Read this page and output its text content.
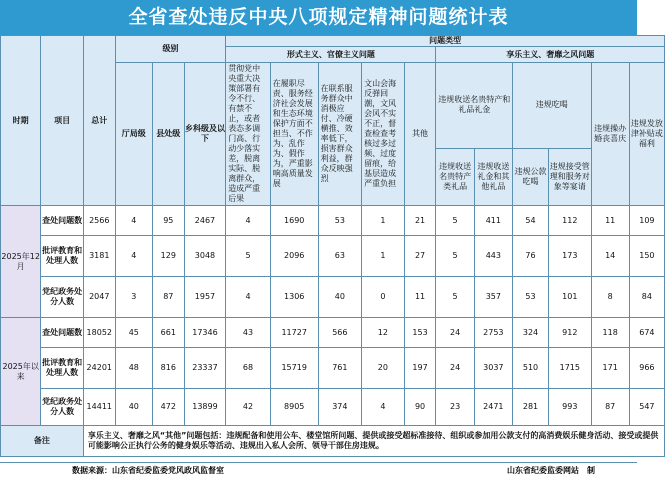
全省查处违反中央八项规定精神问题统计表
时期	项目	总计	级别			问题类型										
						形式主义、官僚主义问题					享乐主义、奢靡之风问题					
			厅局级	县处级	乡科级及以下	贯彻党中央重大决策部署有令不行、有禁不止，或者表态多调门高、行动少落实差，脱离实际、脱离群众，造成严重后果	在履职尽责、服务经济社会发展和生态环境保护方面不担当、不作为、乱作为、假作为，严重影响高质量发展	在联系服务群众中消极应付、冷硬横推、效率低下，损害群众利益，群众反映强烈	文山会海反弹回潮，文风会风不实不正，督查检查考核过多过频、过度留痕，给基层造成严重负担	其他	违规收送名贵特产和礼品礼金		违规吃喝		违规操办婚丧喜庆	违规发放津补贴或福利
											违规收送名贵特产类礼品	违规收送礼金和其他礼品	违规公款吃喝	违规接受管理和服务对象等宴请		
2025年12月	查处问题数	2566	4	95	2467	4	1690	53	1	21	5	411	54	112	11	109
	批评教育和处理人数	3181	4	129	3048	5	2096	63	1	27	5	443	76	173	14	150
	党纪政务处分人数	2047	3	87	1957	4	1306	40	0	11	5	357	53	101	8	84
2025年以来	查处问题数	18052	45	661	17346	43	11727	566	12	153	24	2753	324	912	118	674
	批评教育和处理人数	24201	48	816	23337	68	15719	761	20	197	24	3037	510	1715	171	966
	党纪政务处分人数	14411	40	472	13899	42	8905	374	4	90	23	2471	281	993	87	547
备注		享乐主义、奢靡之风“其他”问题包括：违规配备和使用公车、楼堂馆所问题、提供或接受超标准接待、组织或参加用公款支付的高消费娱乐健身活动、接受或提供可能影响公正执行公务的健身娱乐等活动、违规出入私人会所、领导干部住房违规。														
数据来源：山东省纪委监委党风政风监督室	山东省纪委监委网站　制
